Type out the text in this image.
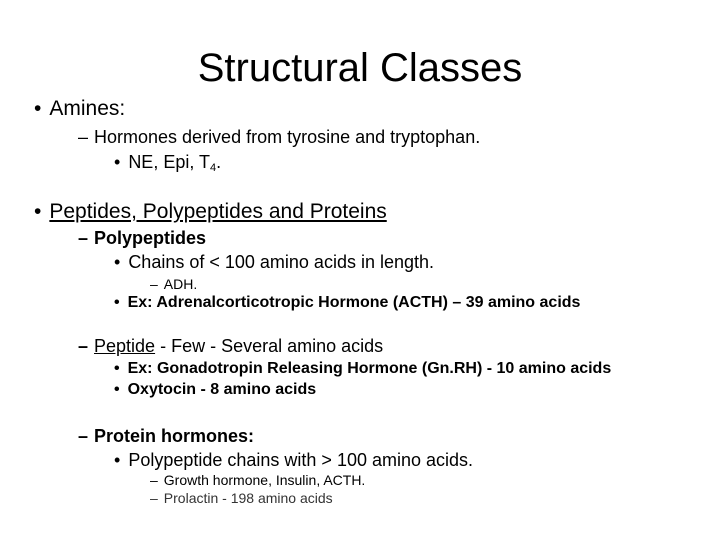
Structural Classes
• Amines:
– Hormones derived from tyrosine and tryptophan.
• NE, Epi, $T_4$.
• Peptides, Polypeptides and Proteins
– Polypeptides
• Chains of < 100 amino acids in length.
– ADH.
• Ex: Adrenalcorticotropic Hormone (ACTH) – 39 amino acids
– Peptide - Few - Several amino acids
• Ex: Gonadotropin Releasing Hormone (Gn.RH) - 10 amino acids
• Oxytocin - 8 amino acids
– Protein hormones:
• Polypeptide chains with > 100 amino acids.
– Growth hormone, Insulin, ACTH.
– Prolactin - 198 amino acids
